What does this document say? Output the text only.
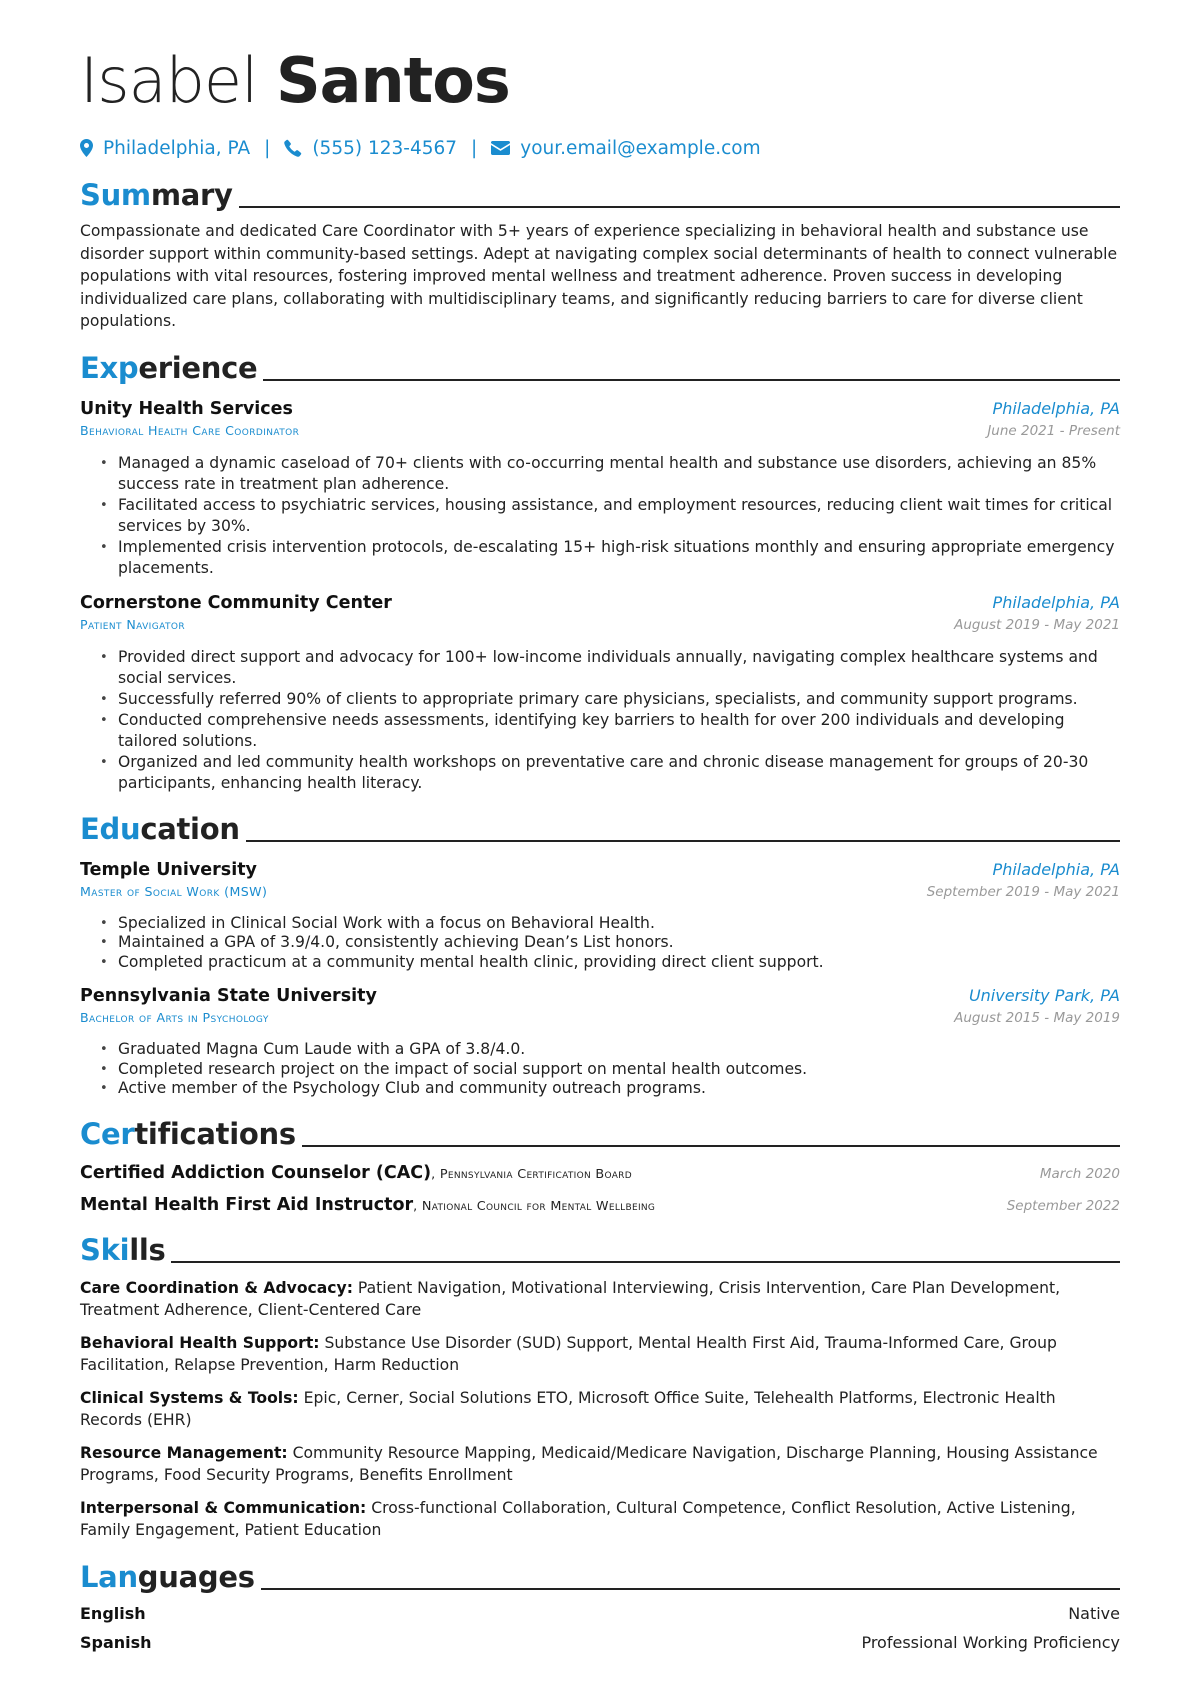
Isabel Santos
Philadelphia, PA | (555) 123-4567 | your.email@example.com
Summary

Compassionate and dedicated Care Coordinator with 5+ years of experience specializing in behavioral health and substance use disorder support within community-based settings. Adept at navigating complex social determinants of health to connect vulnerable populations with vital resources, fostering improved mental wellness and treatment adherence. Proven success in developing individualized care plans, collaborating with multidisciplinary teams, and significantly reducing barriers to care for diverse client populations.

Experience
Unity Health Services	Philadelphia, PA
Behavioral Health Care Coordinator	June 2021 - Present
• Managed a dynamic caseload of 70+ clients with co-occurring mental health and substance use disorders, achieving an 85% success rate in treatment plan adherence.
• Facilitated access to psychiatric services, housing assistance, and employment resources, reducing client wait times for critical services by 30%.
• Implemented crisis intervention protocols, de-escalating 15+ high-risk situations monthly and ensuring appropriate emergency placements.
Cornerstone Community Center	Philadelphia, PA
Patient Navigator	August 2019 - May 2021
• Provided direct support and advocacy for 100+ low-income individuals annually, navigating complex healthcare systems and social services.
• Successfully referred 90% of clients to appropriate primary care physicians, specialists, and community support programs.
• Conducted comprehensive needs assessments, identifying key barriers to health for over 200 individuals and developing tailored solutions.
• Organized and led community health workshops on preventative care and chronic disease management for groups of 20-30 participants, enhancing health literacy.
Education
Temple University	Philadelphia, PA
Master of Social Work (MSW)	September 2019 - May 2021
• Specialized in Clinical Social Work with a focus on Behavioral Health.
• Maintained a GPA of 3.9/4.0, consistently achieving Dean’s List honors.
• Completed practicum at a community mental health clinic, providing direct client support.
Pennsylvania State University	University Park, PA
Bachelor of Arts in Psychology	August 2015 - May 2019
• Graduated Magna Cum Laude with a GPA of 3.8/4.0.
• Completed research project on the impact of social support on mental health outcomes.
• Active member of the Psychology Club and community outreach programs.
Certifications
Certified Addiction Counselor (CAC), Pennsylvania Certification Board	March 2020
Mental Health First Aid Instructor, National Council for Mental Wellbeing	September 2022
Skills

Care Coordination & Advocacy: Patient Navigation, Motivational Interviewing, Crisis Intervention, Care Plan Development, Treatment Adherence, Client-Centered Care

Behavioral Health Support: Substance Use Disorder (SUD) Support, Mental Health First Aid, Trauma-Informed Care, Group Facilitation, Relapse Prevention, Harm Reduction

Clinical Systems & Tools: Epic, Cerner, Social Solutions ETO, Microsoft Office Suite, Telehealth Platforms, Electronic Health Records (EHR)

Resource Management: Community Resource Mapping, Medicaid/Medicare Navigation, Discharge Planning, Housing Assistance Programs, Food Security Programs, Benefits Enrollment

Interpersonal & Communication: Cross-functional Collaboration, Cultural Competence, Conflict Resolution, Active Listening, Family Engagement, Patient Education

Languages
English	Native
Spanish	Professional Working Proficiency
